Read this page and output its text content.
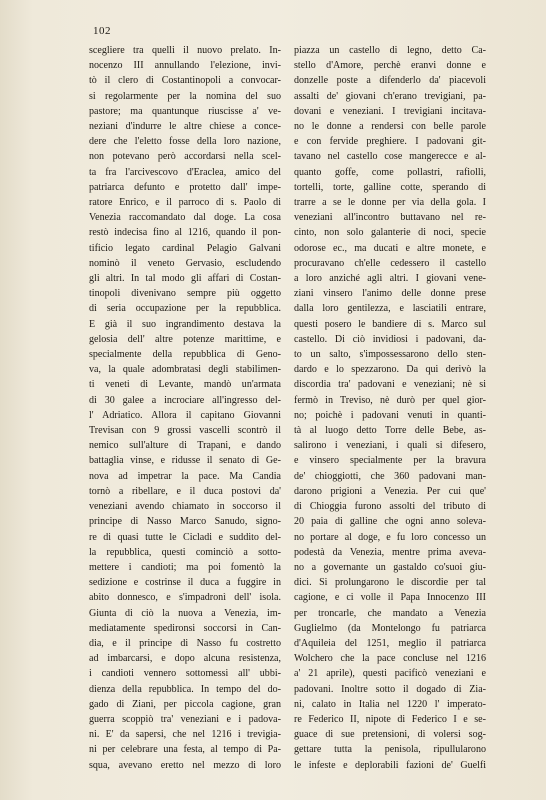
102
scegliere tra quelli il nuovo prelato. In-
nocenzo III annullando l'elezione, invi-
tò il clero di Costantinopoli a convocar-
si regolarmente per la nomina del suo
pastore; ma quantunque riuscisse a' ve-
neziani d'indurre le altre chiese a conce-
dere che l'eletto fosse della loro nazione,
non potevano però accordarsi nella scel-
ta fra l'arcivescovo d'Eraclea, amico del
patriarca defunto e protetto dall' impe-
ratore Enrico, e il parroco di s. Paolo di
Venezia raccomandato dal doge. La cosa
restò indecisa fino al 1216, quando il pon-
tificio legato cardinal Pelagio Galvani
nominò il veneto Gervasio, escludendo
gli altri. In tal modo gli affari di Costan-
tinopoli divenivano sempre più oggetto
di seria occupazione per la repubblica.
E già il suo ingrandimento destava la
gelosia dell' altre potenze marittime, e
specialmente della repubblica di Geno-
va, la quale adombratasi degli stabilimen-
ti veneti di Levante, mandò un'armata
di 30 galee a incrociare all'ingresso del-
l' Adriatico. Allora il capitano Giovanni
Trevisan con 9 grossi vascelli scontrò il
nemico sull'alture di Trapani, e dando
battaglia vinse, e ridusse il senato di Ge-
nova ad impetrar la pace. Ma Candia
tornò a ribellare, e il duca postovi da'
veneziani avendo chiamato in soccorso il
principe di Nasso Marco Sanudo, signo-
re di quasi tutte le Cicladi e suddito del-
la repubblica, questi cominciò a sotto-
mettere i candioti; ma poi fomentò la
sedizione e costrinse il duca a fuggire in
abito donnesco, e s'impadronì dell' isola.
Giunta di ciò la nuova a Venezia, im-
mediatamente spedironsi soccorsi in Can-
dia, e il principe di Nasso fu costretto
ad imbarcarsi, e dopo alcuna resistenza,
i candioti vennero sottomessi all' ubbi-
dienza della repubblica. In tempo del do-
gado di Ziani, per piccola cagione, gran
guerra scoppiò tra' veneziani e i padova-
ni. E' da sapersi, che nel 1216 i trevigia-
ni per celebrare una festa, al tempo di Pa-
squa, avevano eretto nel mezzo di loro
piazza un castello di legno, detto Ca-
stello d'Amore, perchè eranvi donne e
donzelle poste a difenderlo da' piacevoli
assalti de' giovani ch'erano trevigiani, pa-
dovani e veneziani. I trevigiani incitava-
no le donne a rendersi con belle parole
e con fervide preghiere. I padovani git-
tavano nel castello cose mangerecce e al-
quanto goffe, come pollastri, rafiolli,
tortelli, torte, galline cotte, sperando di
trarre a se le donne per via della gola. I
veneziani all'incontro buttavano nel re-
cinto, non solo galanterie di noci, specie
odorose ec., ma ducati e altre monete, e
procuravano ch'elle cedessero il castello
a loro anziché agli altri. I giovani vene-
ziani vinsero l'animo delle donne prese
dalla loro gentilezza, e lasciatili entrare,
questi posero le bandiere di s. Marco sul
castello. Di ciò invidiosi i padovani, da-
to un salto, s'impossessarono dello sten-
dardo e lo spezzarono. Da qui derivò la
discordia tra' padovani e veneziani; nè si
fermò in Treviso, nè durò per quel gior-
no; poichè i padovani venuti in quanti-
tà al luogo detto Torre delle Bebe, as-
salirono i veneziani, i quali si difesero,
e vinsero specialmente per la bravura
de' chioggiotti, che 360 padovani man-
darono prigioni a Venezia. Per cui que'
di Chioggia furono assolti del tributo di
20 paia di galline che ogni anno soleva-
no portare al doge, e fu loro concesso un
podestà da Venezia, mentre prima aveva-
no a governante un gastaldo co'suoi giu-
dici. Si prolungarono le discordie per tal
cagione, e ci volle il Papa Innocenzo III
per troncarle, che mandato a Venezia
Guglielmo (da Montelongo fu patriarca
d'Aquileia del 1251, meglio il patriarca
Wolchero che la pace concluse nel 1216
a' 21 aprile), questi pacificò veneziani e
padovani. Inoltre sotto il dogado di Zia-
ni, calato in Italia nel 1220 l' imperato-
re Federico II, nipote di Federico I e se-
guace di sue pretensioni, di volersi sog-
gettare tutta la penisola, ripullularono
le infeste e deplorabili fazioni de' Guelfi
